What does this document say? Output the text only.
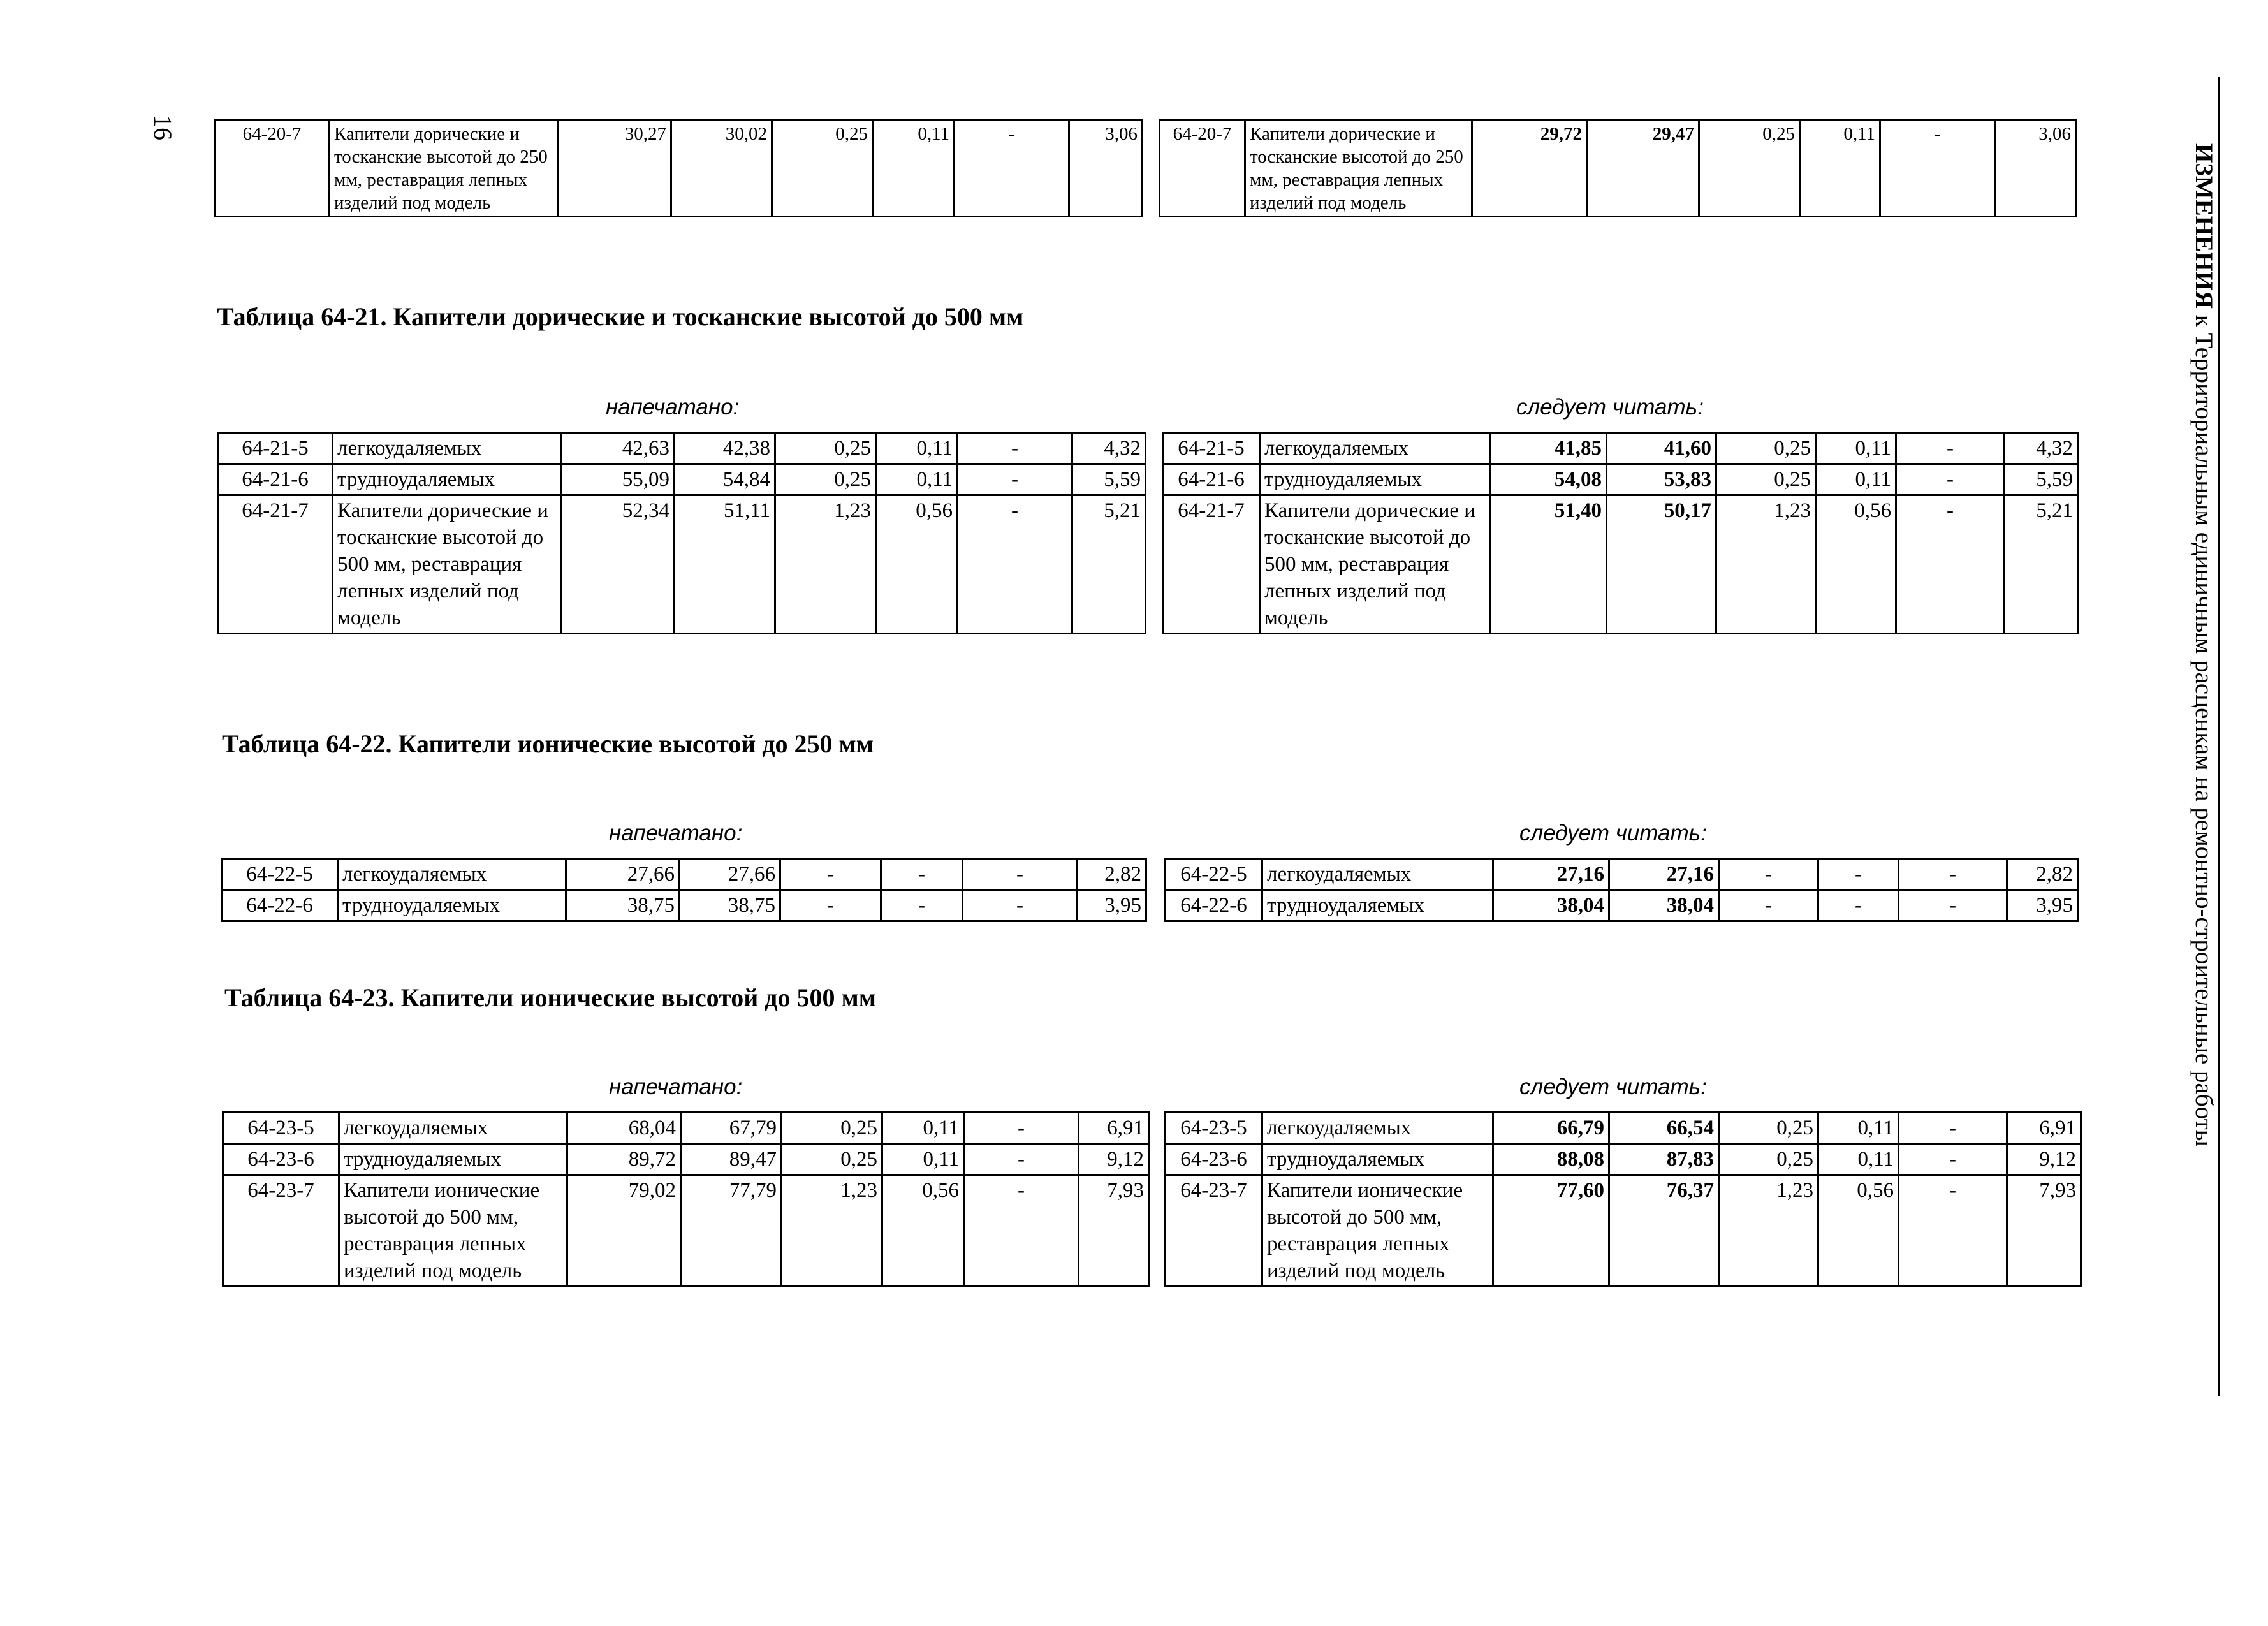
16
ИЗМЕНЕНИЯ к Территориальным единичным расценкам на ремонтно-строительные работы
64-20-7	Капители дорические и тосканские высотой до 250 мм, реставрация лепных изделий под модель	30,27	30,02	0,25	0,11	-	3,06 64-20-7	Капители дорические и тосканские высотой до 250 мм, реставрация лепных изделий под модель	29,72	29,47	0,25	0,11	-	3,06
Таблица 64-21. Капители дорические и тосканские высотой до 500 мм
напечатано:	следует читать:
64-21-5	легкоудаляемых	42,63	42,38	0,25	0,11	-	4,32
64-21-6	трудноудаляемых	55,09	54,84	0,25	0,11	-	5,59
64-21-7	Капители дорические и тосканские высотой до 500 мм, реставрация лепных изделий под модель	52,34	51,11	1,23	0,56	-	5,21
64-21-5	легкоудаляемых	41,85	41,60	0,25	0,11	-	4,32
64-21-6	трудноудаляемых	54,08	53,83	0,25	0,11	-	5,59
64-21-7	Капители дорические и тосканские высотой до 500 мм, реставрация лепных изделий под модель	51,40	50,17	1,23	0,56	-	5,21
Таблица 64-22. Капители ионические высотой до 250 мм
напечатано:	следует читать:
64-22-5	легкоудаляемых	27,66	27,66	-	-	-	2,82
64-22-6	трудноудаляемых	38,75	38,75	-	-	-	3,95
64-22-5	легкоудаляемых	27,16	27,16	-	-	-	2,82
64-22-6	трудноудаляемых	38,04	38,04	-	-	-	3,95
Таблица 64-23. Капители ионические высотой до 500 мм
напечатано:	следует читать:
64-23-5	легкоудаляемых	68,04	67,79	0,25	0,11	-	6,91
64-23-6	трудноудаляемых	89,72	89,47	0,25	0,11	-	9,12
64-23-7	Капители ионические высотой до 500 мм, реставрация лепных изделий под модель	79,02	77,79	1,23	0,56	-	7,93
64-23-5	легкоудаляемых	66,79	66,54	0,25	0,11	-	6,91
64-23-6	трудноудаляемых	88,08	87,83	0,25	0,11	-	9,12
64-23-7	Капители ионические высотой до 500 мм, реставрация лепных изделий под модель	77,60	76,37	1,23	0,56	-	7,93
